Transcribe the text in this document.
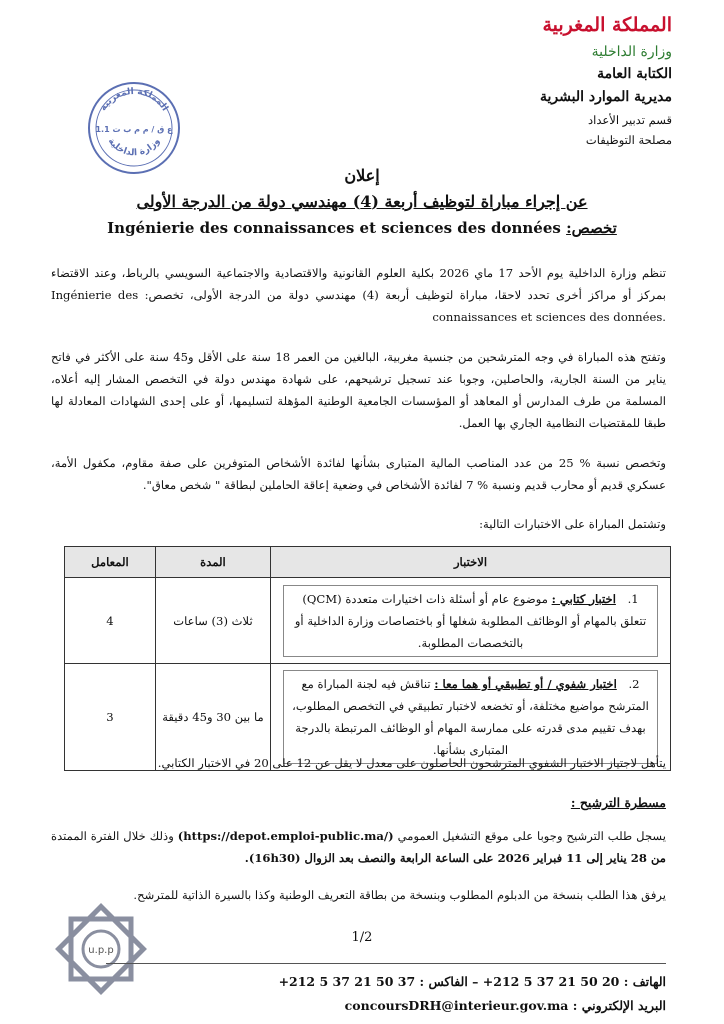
المملكة المغربية
وزارة الداخلية
الكتابة العامة
مديرية الموارد البشرية
قسم تدبير الأعداد
مصلحة التوظيفات
المملكة المغربية
ع ق / م م ب ت 1.1
وزارة الداخلية
إعلان
عن إجراء مباراة لتوظيف أربعة (4) مهندسي دولة من الدرجة الأولى
تخصص: Ingénierie des connaissances et sciences des données
تنظم وزارة الداخلية يوم الأحد 17 ماي 2026 بكلية العلوم القانونية والاقتصادية والاجتماعية السويسي بالرباط، وعند الاقتضاء بمركز أو مراكز أخرى تحدد لاحقا، مباراة لتوظيف أربعة (4) مهندسي دولة من الدرجة الأولى، تخصص: Ingénierie des connaissances et sciences des données.
وتفتح هذه المباراة في وجه المترشحين من جنسية مغربية، البالغين من العمر 18 سنة على الأقل و45 سنة على الأكثر في فاتح يناير من السنة الجارية، والحاصلين، وجوبا عند تسجيل ترشيحهم، على شهادة مهندس دولة في التخصص المشار إليه أعلاه، المسلمة من طرف المدارس أو المعاهد أو المؤسسات الجامعية الوطنية المؤهلة لتسليمها، أو على إحدى الشهادات المعادلة لها طبقا للمقتضيات النظامية الجاري بها العمل.
وتخصص نسبة % 25 من عدد المناصب المالية المتبارى بشأنها لفائدة الأشخاص المتوفرين على صفة مقاوم، مكفول الأمة، عسكري قديم أو محارب قديم ونسبة % 7 لفائدة الأشخاص في وضعية إعاقة الحاملين لبطاقة " شخص معاق".
وتشتمل المباراة على الاختبارات التالية:
الاختبار	المدة	المعامل

1. اختبار كتابي : موضوع عام أو أسئلة ذات اختيارات متعددة (QCM) تتعلق بالمهام أو الوظائف المطلوبة شغلها أو باختصاصات وزارة الداخلية أو بالتخصصات المطلوبة.	ثلاث (3) ساعات	4

2. اختبار شفوي / أو تطبيقي أو هما معا : تناقش فيه لجنة المباراة مع المترشح مواضيع مختلفة، أو تخضعه لاختبار تطبيقي في التخصص المطلوب، بهدف تقييم مدى قدرته على ممارسة المهام أو الوظائف المرتبطة بالدرجة المتبارى بشأنها.	ما بين 30 و45 دقيقة	3
يتأهل لاجتياز الاختبار الشفوي المترشحون الحاصلون على معدل لا يقل عن 12 على 20 في الاختبار الكتابي.
مسطرة الترشيح :
يسجل طلب الترشيح وجوبا على موقع التشغيل العمومي (https://depot.emploi-public.ma/) وذلك خلال الفترة الممتدة من 28 يناير إلى 11 فبراير 2026 على الساعة الرابعة والنصف بعد الزوال (16h30).
يرفق هذا الطلب بنسخة من الدبلوم المطلوب وبنسخة من بطاقة التعريف الوطنية وكذا بالسيرة الذاتية للمترشح.
1/2
u.p.p
الهاتف : +212 5 37 21 50 20 – الفاكس : +212 5 37 21 50 37
البريد الإلكتروني : concoursDRH@interieur.gov.ma
